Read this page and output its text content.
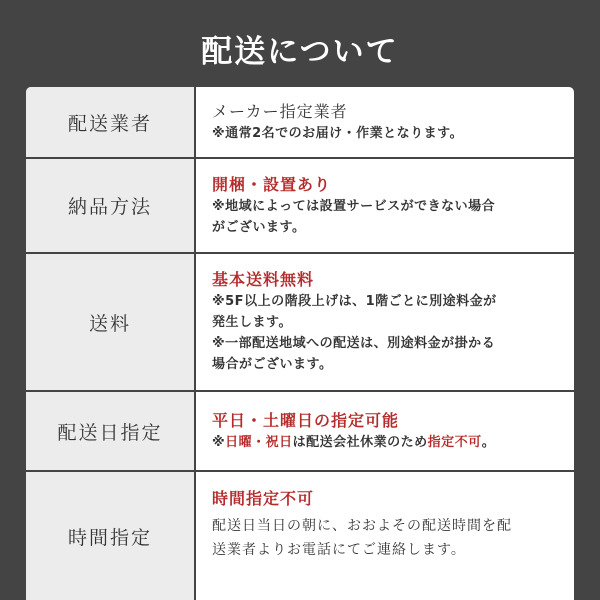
配送について
配送業者
メーカー指定業者
※通常2名でのお届け・作業となります。
納品方法
開梱・設置あり
※地域によっては設置サービスができない場合
がございます。
送料
基本送料無料
※5F以上の階段上げは、1階ごとに別途料金が
発生します。
※一部配送地域への配送は、別途料金が掛かる
場合がございます。
配送日指定
平日・土曜日の指定可能
※日曜・祝日は配送会社休業のため指定不可。
時間指定
時間指定不可
配送日当日の朝に、おおよその配送時間を配
送業者よりお電話にてご連絡します。
